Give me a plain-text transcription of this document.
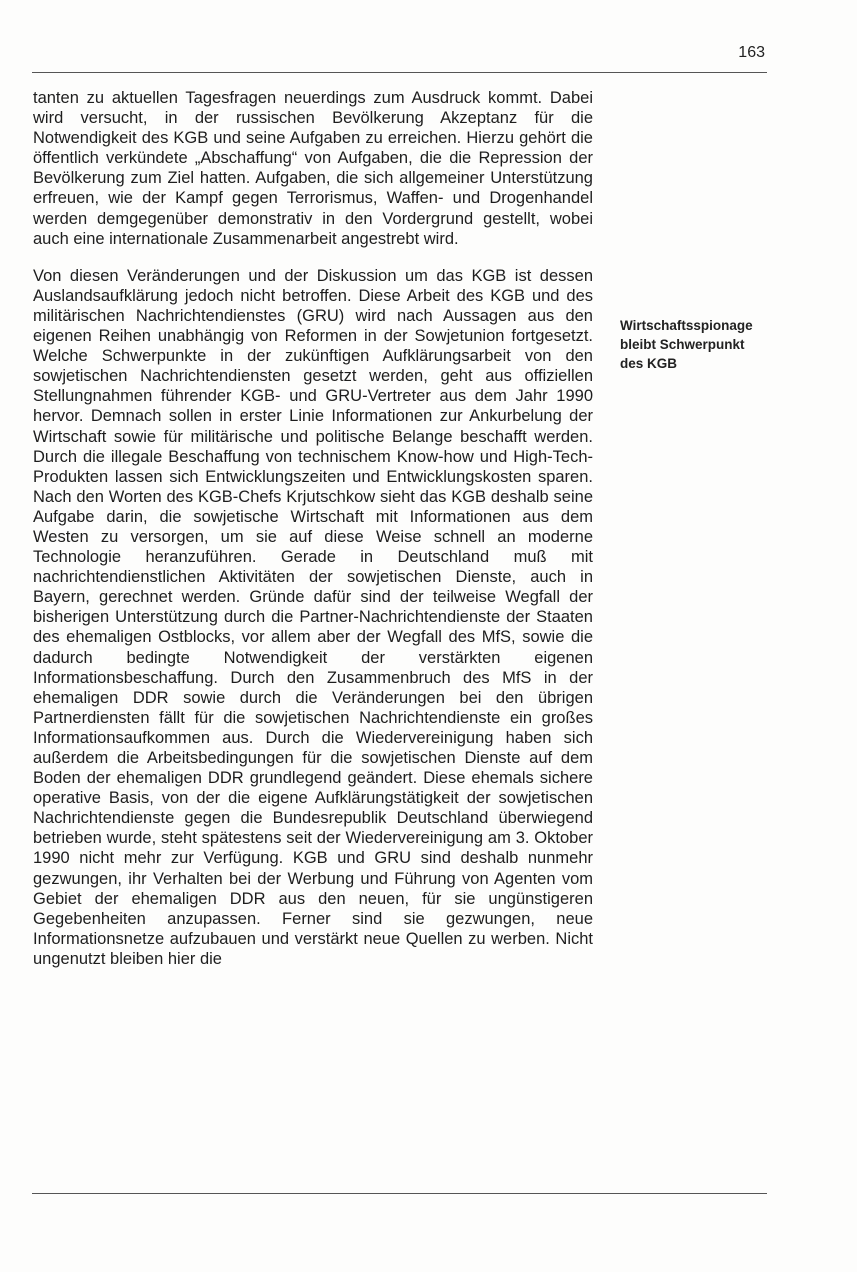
163

tanten zu aktuellen Tagesfragen neuerdings zum Ausdruck kommt. Dabei wird versucht, in der russischen Bevölkerung Akzeptanz für die Notwendigkeit des KGB und seine Aufgaben zu erreichen. Hierzu gehört die öffentlich verkündete „Abschaffung“ von Aufgaben, die die Repression der Bevölkerung zum Ziel hatten. Aufgaben, die sich allgemeiner Unterstützung erfreuen, wie der Kampf gegen Terrorismus, Waffen- und Drogenhandel werden demgegenüber demonstrativ in den Vordergrund gestellt, wobei auch eine internationale Zusammenarbeit angestrebt wird.

Von diesen Veränderungen und der Diskussion um das KGB ist dessen Auslandsaufklärung jedoch nicht betroffen. Diese Arbeit des KGB und des militärischen Nachrichtendienstes (GRU) wird nach Aussagen aus den eigenen Reihen unabhängig von Reformen in der Sowjetunion fortgesetzt. Welche Schwerpunkte in der zukünftigen Aufklärungsarbeit von den sowjetischen Nachrichtendiensten gesetzt werden, geht aus offiziellen Stellungnahmen führender KGB- und GRU-Vertreter aus dem Jahr 1990 hervor. Demnach sollen in erster Linie Informationen zur Ankurbelung der Wirtschaft sowie für militärische und politische Belange beschafft werden. Durch die illegale Beschaffung von technischem Know-how und High-Tech-Produkten lassen sich Entwicklungszeiten und Entwicklungskosten sparen. Nach den Worten des KGB-Chefs Krjutschkow sieht das KGB deshalb seine Aufgabe darin, die sowjetische Wirtschaft mit Informationen aus dem Westen zu versorgen, um sie auf diese Weise schnell an moderne Technologie heranzuführen. Gerade in Deutschland muß mit nachrichtendienstlichen Aktivitäten der sowjetischen Dienste, auch in Bayern, gerechnet werden. Gründe dafür sind der teilweise Wegfall der bisherigen Unterstützung durch die Partner-Nachrichtendienste der Staaten des ehemaligen Ostblocks, vor allem aber der Wegfall des MfS, sowie die dadurch bedingte Notwendigkeit der verstärkten eigenen Informationsbeschaffung. Durch den Zusammenbruch des MfS in der ehemaligen DDR sowie durch die Veränderungen bei den übrigen Partnerdiensten fällt für die sowjetischen Nachrichtendienste ein großes Informationsaufkommen aus. Durch die Wiedervereinigung haben sich außerdem die Arbeitsbedingungen für die sowjetischen Dienste auf dem Boden der ehemaligen DDR grundlegend geändert. Diese ehemals sichere operative Basis, von der die eigene Aufklärungstätigkeit der sowjetischen Nachrichtendienste gegen die Bundesrepublik Deutschland überwiegend betrieben wurde, steht spätestens seit der Wiedervereinigung am 3. Oktober 1990 nicht mehr zur Verfügung. KGB und GRU sind deshalb nunmehr gezwungen, ihr Verhalten bei der Werbung und Führung von Agenten vom Gebiet der ehemaligen DDR aus den neuen, für sie ungünstigeren Gegebenheiten anzupassen. Ferner sind sie gezwungen, neue Informationsnetze aufzubauen und verstärkt neue Quellen zu werben. Nicht ungenutzt bleiben hier die

Wirtschaftsspionage bleibt Schwerpunkt des KGB
